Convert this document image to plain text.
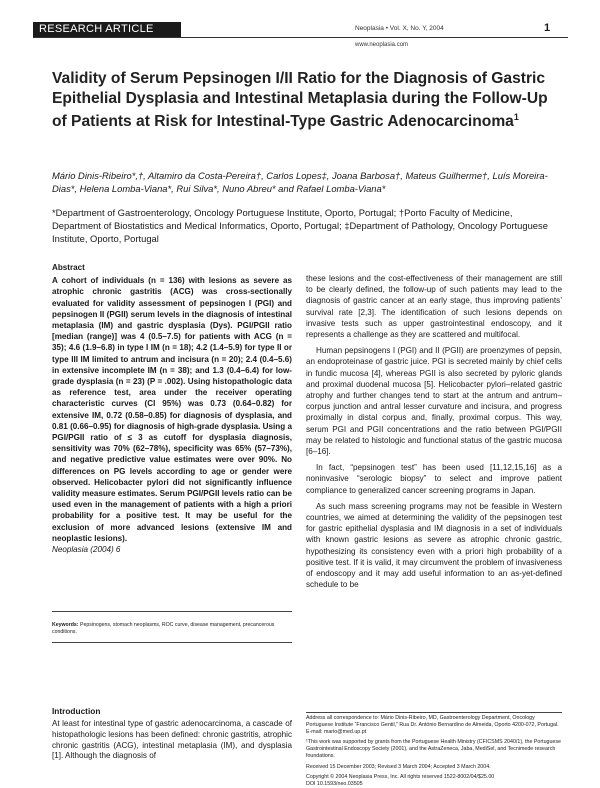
RESEARCH ARTICLE	Neoplasia • Vol. X, No. Y, 2004	1
www.neoplasia.com
Validity of Serum Pepsinogen I/II Ratio for the Diagnosis of Gastric Epithelial Dysplasia and Intestinal Metaplasia during the Follow-Up of Patients at Risk for Intestinal-Type Gastric Adenocarcinoma$^1$

Mário Dinis-Ribeiro*,†, Altamiro da Costa-Pereira†, Carlos Lopes‡, Joana Barbosa†, Mateus Guilherme†, Luís Moreira-Dias*, Helena Lomba-Viana*, Rui Silva*, Nuno Abreu* and Rafael Lomba-Viana*

*Department of Gastroenterology, Oncology Portuguese Institute, Oporto, Portugal; †Porto Faculty of Medicine, Department of Biostatistics and Medical Informatics, Oporto, Portugal; ‡Department of Pathology, Oncology Portuguese Institute, Oporto, Portugal

Abstract

A cohort of individuals (n = 136) with lesions as severe as atrophic chronic gastritis (ACG) was cross-sectionally evaluated for validity assessment of pepsinogen I (PGI) and pepsinogen II (PGII) serum levels in the diagnosis of intestinal metaplasia (IM) and gastric dysplasia (Dys). PGI/PGII ratio [median (range)] was 4 (0.5–7.5) for patients with ACG (n = 35); 4.6 (1.9–6.8) in type I IM (n = 18); 4.2 (1.4–5.9) for type II or type III IM limited to antrum and incisura (n = 20); 2.4 (0.4–5.6) in extensive incomplete IM (n = 38); and 1.3 (0.4–6.4) for low-grade dysplasia (n = 23) (P = .002). Using histopathologic data as reference test, area under the receiver operating characteristic curves (CI 95%) was 0.73 (0.64–0.82) for extensive IM, 0.72 (0.58–0.85) for diagnosis of dysplasia, and 0.81 (0.66–0.95) for diagnosis of high-grade dysplasia. Using a PGI/PGII ratio of ≤ 3 as cutoff for dysplasia diagnosis, sensitivity was 70% (62–78%), specificity was 65% (57–73%), and negative predictive value estimates were over 90%. No differences on PG levels according to age or gender were observed. Helicobacter pylori did not significantly influence validity measure estimates. Serum PGI/PGII levels ratio can be used even in the management of patients with a high a priori probability for a positive test. It may be useful for the exclusion of more advanced lesions (extensive IM and neoplastic lesions).

Neoplasia (2004) 6

Keywords: Pepsinogens, stomach neoplasms, ROC curve, disease management, precancerous conditions.
Introduction

At least for intestinal type of gastric adenocarcinoma, a cascade of histopathologic lesions has been defined: chronic gastritis, atrophic chronic gastritis (ACG), intestinal metaplasia (IM), and dysplasia [1]. Although the diagnosis of

these lesions and the cost-effectiveness of their management are still to be clearly defined, the follow-up of such patients may lead to the diagnosis of gastric cancer at an early stage, thus improving patients’ survival rate [2,3]. The identification of such lesions depends on invasive tests such as upper gastrointestinal endoscopy, and it represents a challenge as they are scattered and multifocal.

Human pepsinogens I (PGI) and II (PGII) are proenzymes of pepsin, an endoproteinase of gastric juice. PGI is secreted mainly by chief cells in fundic mucosa [4], whereas PGII is also secreted by pyloric glands and proximal duodenal mucosa [5]. Helicobacter pylori–related gastric atrophy and further changes tend to start at the antrum and antrum–corpus junction and antral lesser curvature and incisura, and progress proximally in distal corpus and, finally, proximal corpus. This way, serum PGI and PGII concentrations and the ratio between PGI/PGII may be related to histologic and functional status of the gastric mucosa [6–16].

In fact, “pepsinogen test” has been used [11,12,15,16] as a noninvasive “serologic biopsy” to select and improve patient compliance to generalized cancer screening programs in Japan.

As such mass screening programs may not be feasible in Western countries, we aimed at determining the validity of the pepsinogen test for gastric epithelial dysplasia and IM diagnosis in a set of individuals with known gastric lesions as severe as atrophic chronic gastric, hypothesizing its consistency even with a priori high probability of a positive test. If it is valid, it may circumvent the problem of invasiveness of endoscopy and it may add useful information to an as-yet-defined schedule to be

Address all correspondence to: Mário Dinis-Ribeiro, MD, Gastroenterology Department, Oncology Portuguese Institute “Francisco Gentil,” Rua Dr. António Bernardino de Almeida, Oporto 4200-072, Portugal. E-mail: mario@med.up.pt

¹This work was supported by grants from the Portuguese Health Ministry (CFICSMS 2040/1), the Portuguese Gastrointestinal Endoscopy Society (2001), and the AstraZeneca, Jaba, MediSel, and Tecnimede research foundations.

Received 15 December 2003; Revised 3 March 2004; Accepted 3 March 2004.

Copyright © 2004 Neoplasia Press, Inc. All rights reserved 1522-8002/04/$25.00

DOI 10.1593/neo.03505
